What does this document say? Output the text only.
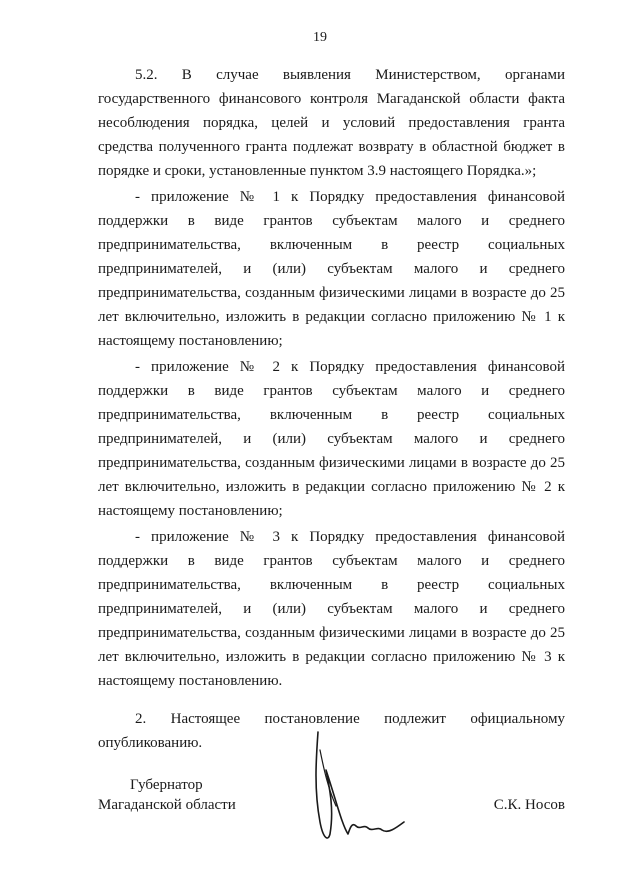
19

5.2. В случае выявления Министерством, органами государственного финансового контроля Магаданской области факта несоблюдения порядка, целей и условий предоставления гранта средства полученного гранта подлежат возврату в областной бюджет в порядке и сроки, установленные пунктом 3.9 настоящего Порядка.»;

- приложение № 1 к Порядку предоставления финансовой поддержки в виде грантов субъектам малого и среднего предпринимательства, включенным в реестр социальных предпринимателей, и (или) субъектам малого и среднего предпринимательства, созданным физическими лицами в возрасте до 25 лет включительно, изложить в редакции согласно приложению № 1 к настоящему постановлению;

- приложение № 2 к Порядку предоставления финансовой поддержки в виде грантов субъектам малого и среднего предпринимательства, включенным в реестр социальных предпринимателей, и (или) субъектам малого и среднего предпринимательства, созданным физическими лицами в возрасте до 25 лет включительно, изложить в редакции согласно приложению № 2 к настоящему постановлению;

- приложение № 3 к Порядку предоставления финансовой поддержки в виде грантов субъектам малого и среднего предпринимательства, включенным в реестр социальных предпринимателей, и (или) субъектам малого и среднего предпринимательства, созданным физическими лицами в возрасте до 25 лет включительно, изложить в редакции согласно приложению № 3 к настоящему постановлению.

2. Настоящее постановление подлежит официальному опубликованию.

Губернатор
Магаданской области	С.К. Носов
